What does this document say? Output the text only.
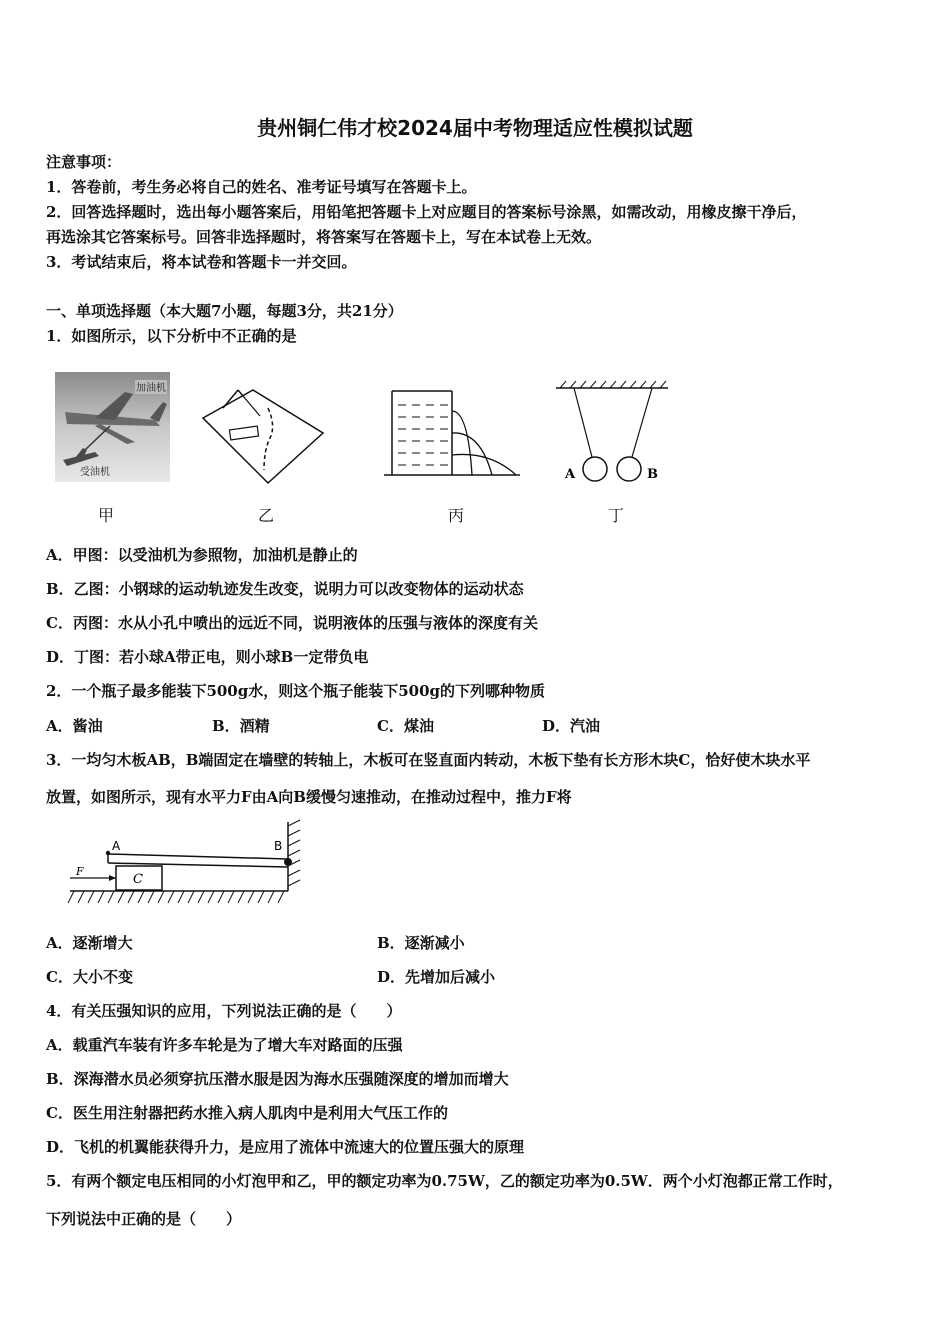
贵州铜仁伟才校2024届中考物理适应性模拟试题
注意事项：
1．答卷前，考生务必将自己的姓名、准考证号填写在答题卡上。
2．回答选择题时，选出每小题答案后，用铅笔把答题卡上对应题目的答案标号涂黑，如需改动，用橡皮擦干净后，
再选涂其它答案标号。回答非选择题时，将答案写在答题卡上，写在本试卷上无效。
3．考试结束后，将本试卷和答题卡一并交回。
一、单项选择题（本大题7小题，每题3分，共21分）
1．如图所示，以下分析中不正确的是
加油机
受油机
甲	乙	丙
A	B
丁
A．甲图：以受油机为参照物，加油机是静止的
B．乙图：小钢球的运动轨迹发生改变，说明力可以改变物体的运动状态
C．丙图：水从小孔中喷出的远近不同，说明液体的压强与液体的深度有关
D．丁图：若小球A带正电，则小球B一定带负电
2．一个瓶子最多能装下500g水，则这个瓶子能装下500g的下列哪种物质
A．酱油	B．酒精	C．煤油	D．汽油
3．一均匀木板AB，B端固定在墙壁的转轴上，木板可在竖直面内转动，木板下垫有长方形木块C，恰好使木块水平
放置，如图所示，现有水平力F由A向B缓慢匀速推动，在推动过程中，推力F将
A	B
C
F
A．逐渐增大	B．逐渐减小
C．大小不变	D．先增加后减小
4．有关压强知识的应用，下列说法正确的是（　　）
A．载重汽车装有许多车轮是为了增大车对路面的压强
B．深海潜水员必须穿抗压潜水服是因为海水压强随深度的增加而增大
C．医生用注射器把药水推入病人肌肉中是利用大气压工作的
D．飞机的机翼能获得升力，是应用了流体中流速大的位置压强大的原理
5．有两个额定电压相同的小灯泡甲和乙，甲的额定功率为0.75W，乙的额定功率为0.5W．两个小灯泡都正常工作时，
下列说法中正确的是（　　）
